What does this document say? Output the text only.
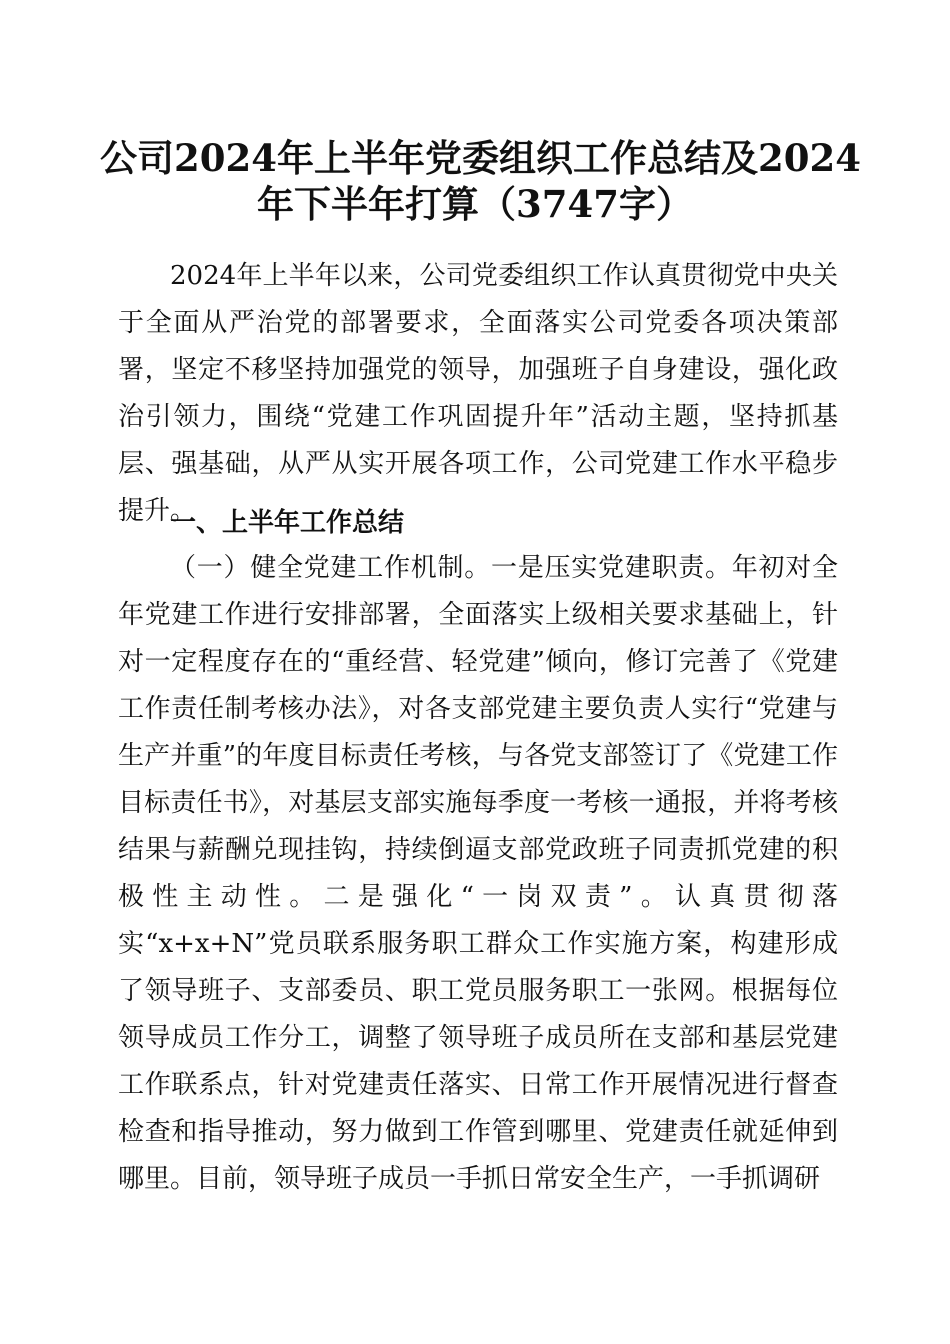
公司2024年上半年党委组织工作总结及2024
年下半年打算（3747字）

2024年上半年以来，公司党委组织工作认真贯彻党中央关于全面从严治党的部署要求，全面落实公司党委各项决策部署，坚定不移坚持加强党的领导，加强班子自身建设，强化政治引领力，围绕“党建工作巩固提升年”活动主题，坚持抓基层、强基础，从严从实开展各项工作，公司党建工作水平稳步提升。

一、上半年工作总结

（一）健全党建工作机制。一是压实党建职责。年初对全年党建工作进行安排部署，全面落实上级相关要求基础上，针对一定程度存在的“重经营、轻党建”倾向，修订完善了《党建工作责任制考核办法》，对各支部党建主要负责人实行“党建与生产并重”的年度目标责任考核，与各党支部签订了《党建工作目标责任书》，对基层支部实施每季度一考核一通报，并将考核结果与薪酬兑现挂钩，持续倒逼支部党政班子同责抓党建的积极性主动性。二是强化“一岗双责”。认真贯彻落实“x+x+N”党员联系服务职工群众工作实施方案，构建形成了领导班子、支部委员、职工党员服务职工一张网。根据每位领导成员工作分工，调整了领导班子成员所在支部和基层党建工作联系点，针对党建责任落实、日常工作开展情况进行督查检查和指导推动，努力做到工作管到哪里、党建责任就延伸到哪里。目前，领导班子成员一手抓日常安全生产，一手抓调研
